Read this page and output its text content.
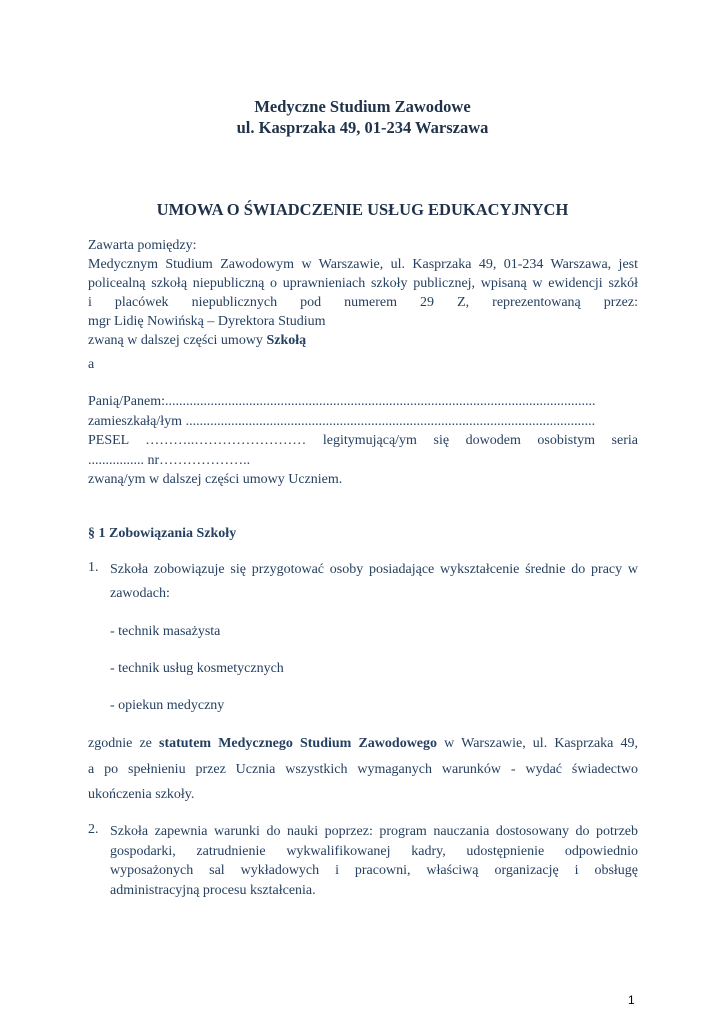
Medyczne Studium Zawodowe
ul. Kasprzaka 49, 01-234 Warszawa
UMOWA O ŚWIADCZENIE USŁUG EDUKACYJNYCH
Zawarta pomiędzy:
Medycznym Studium Zawodowym w Warszawie, ul. Kasprzaka 49, 01-234 Warszawa, jest
policealną szkołą niepubliczną o uprawnieniach szkoły publicznej, wpisaną w ewidencji szkół
i placówek niepublicznych pod numerem 29 Z, reprezentowaną przez:
mgr Lidię Nowińską – Dyrektora Studium
zwaną w dalszej części umowy Szkołą
a
Panią/Panem:...........................................................................................................................
zamieszkałą/łym .....................................................................................................................
PESEL ………..…………………… legitymującą/ym się dowodem osobistym seria
................ nr………………..
zwaną/ym w dalszej części umowy Uczniem.
§ 1 Zobowiązania Szkoły
1. Szkoła zobowiązuje się przygotować osoby posiadające wykształcenie średnie do pracy w
zawodach:
- technik masażysta
- technik usług kosmetycznych
- opiekun medyczny
zgodnie ze statutem Medycznego Studium Zawodowego w Warszawie, ul. Kasprzaka 49,
a po spełnieniu przez Ucznia wszystkich wymaganych warunków - wydać świadectwo
ukończenia szkoły.
2. Szkoła zapewnia warunki do nauki poprzez: program nauczania dostosowany do potrzeb
gospodarki, zatrudnienie wykwalifikowanej kadry, udostępnienie odpowiednio
wyposażonych sal wykładowych i pracowni, właściwą organizację i obsługę
administracyjną procesu kształcenia.
1
